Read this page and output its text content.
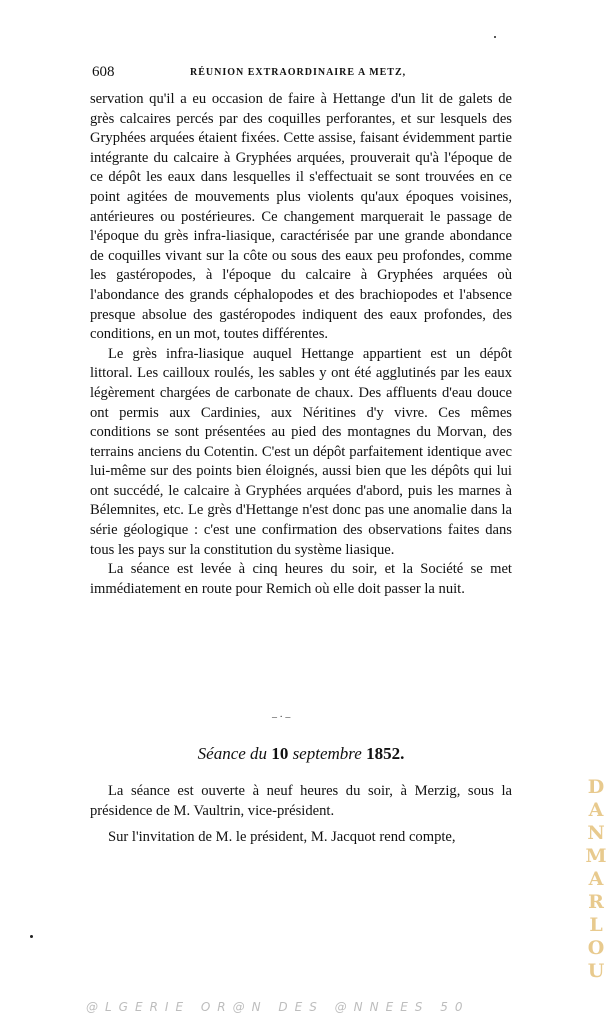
608	RÉUNION EXTRAORDINAIRE A METZ,

servation qu'il a eu occasion de faire à Hettange d'un lit de galets de grès calcaires percés par des coquilles perforantes, et sur lesquels des Gryphées arquées étaient fixées. Cette assise, faisant évidemment partie intégrante du calcaire à Gryphées arquées, prouverait qu'à l'époque de ce dépôt les eaux dans lesquelles il s'effectuait se sont trouvées en ce point agitées de mouvements plus violents qu'aux époques voisines, antérieures ou postérieures. Ce changement marquerait le passage de l'époque du grès infra-liasique, caractérisée par une grande abondance de coquilles vivant sur la côte ou sous des eaux peu profondes, comme les gastéropodes, à l'époque du calcaire à Gryphées arquées où l'abondance des grands céphalopodes et des brachiopodes et l'absence presque absolue des gastéropodes indiquent des eaux profondes, des conditions, en un mot, toutes différentes.

Le grès infra-liasique auquel Hettange appartient est un dépôt littoral. Les cailloux roulés, les sables y ont été agglutinés par les eaux légèrement chargées de carbonate de chaux. Des affluents d'eau douce ont permis aux Cardinies, aux Néritines d'y vivre. Ces mêmes conditions se sont présentées au pied des montagnes du Morvan, des terrains anciens du Cotentin. C'est un dépôt parfaitement identique avec lui-même sur des points bien éloignés, aussi bien que les dépôts qui lui ont succédé, le calcaire à Gryphées arquées d'abord, puis les marnes à Bélemnites, etc. Le grès d'Hettange n'est donc pas une anomalie dans la série géologique : c'est une confirmation des observations faites dans tous les pays sur la constitution du système liasique.

La séance est levée à cinq heures du soir, et la Société se met immédiatement en route pour Remich où elle doit passer la nuit.

– · –
Séance du 10 septembre 1852.

La séance est ouverte à neuf heures du soir, à Merzig, sous la présidence de M. Vaultrin, vice-président.

Sur l'invitation de M. le président, M. Jacquot rend compte,

D
A
N
M
A
R
L
O
U
@LGERIE OR@N DES @NNEES 50
